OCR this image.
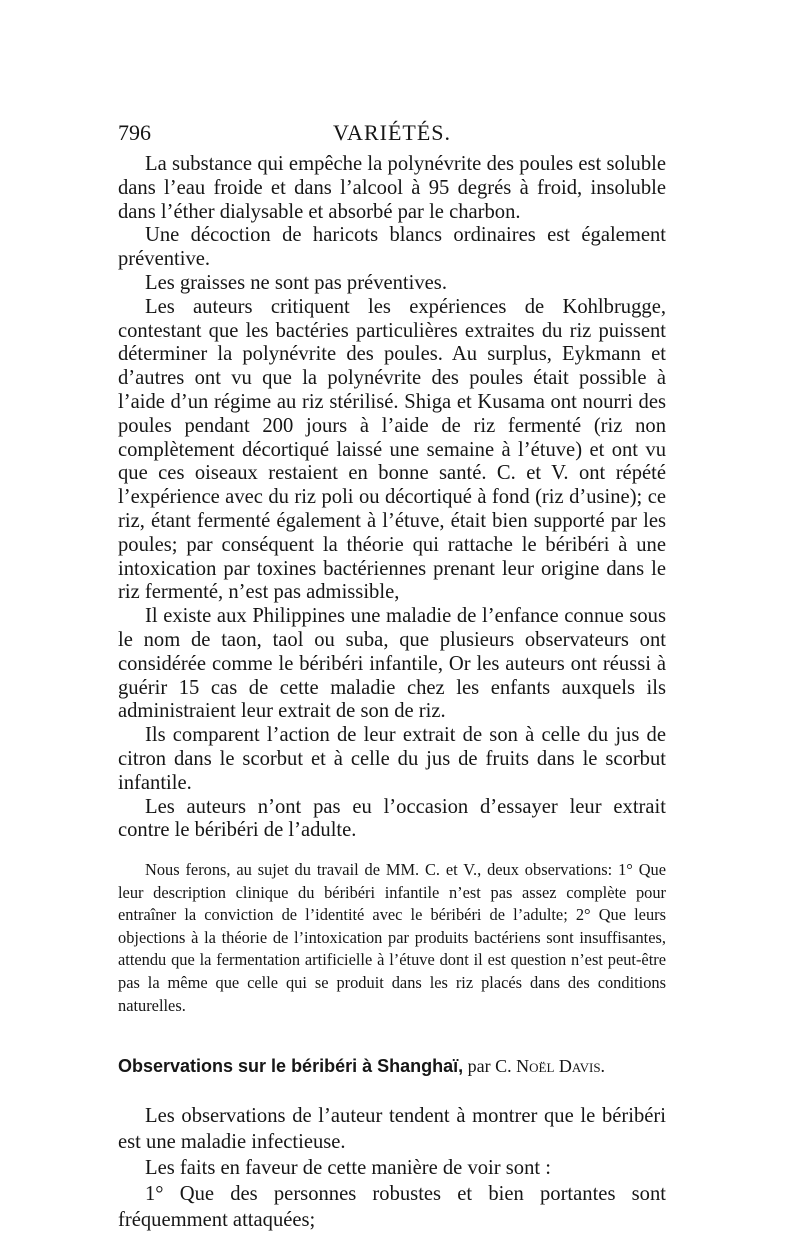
796	VARIÉTÉS.

La substance qui empêche la polynévrite des poules est soluble dans l’eau froide et dans l’alcool à 95 degrés à froid, insoluble dans l’éther dialysable et absorbé par le charbon.

Une décoction de haricots blancs ordinaires est également préventive.

Les graisses ne sont pas préventives.

Les auteurs critiquent les expériences de Kohlbrugge, contestant que les bactéries particulières extraites du riz puissent déterminer la polynévrite des poules. Au surplus, Eykmann et d’autres ont vu que la polynévrite des poules était possible à l’aide d’un régime au riz stérilisé. Shiga et Kusama ont nourri des poules pendant 200 jours à l’aide de riz fermenté (riz non complètement décortiqué laissé une semaine à l’étuve) et ont vu que ces oiseaux restaient en bonne santé. C. et V. ont répété l’expérience avec du riz poli ou décortiqué à fond (riz d’usine); ce riz, étant fermenté également à l’étuve, était bien supporté par les poules; par conséquent la théorie qui rattache le béribéri à une intoxication par toxines bactériennes prenant leur origine dans le riz fermenté, n’est pas admissible,

Il existe aux Philippines une maladie de l’enfance connue sous le nom de taon, taol ou suba, que plusieurs observateurs ont considérée comme le béribéri infantile, Or les auteurs ont réussi à guérir 15 cas de cette maladie chez les enfants auxquels ils administraient leur extrait de son de riz.

Ils comparent l’action de leur extrait de son à celle du jus de citron dans le scorbut et à celle du jus de fruits dans le scorbut infantile.

Les auteurs n’ont pas eu l’occasion d’essayer leur extrait contre le béribéri de l’adulte.

Nous ferons, au sujet du travail de MM. C. et V., deux observations: 1° Que leur description clinique du béribéri infantile n’est pas assez complète pour entraîner la conviction de l’identité avec le béribéri de l’adulte; 2° Que leurs objections à la théorie de l’intoxication par produits bactériens sont insuffisantes, attendu que la fermentation artificielle à l’étuve dont il est question n’est peut-être pas la même que celle qui se produit dans les riz placés dans des conditions naturelles.

Observations sur le béribéri à Shanghaï, par C. Noël Davis.

Les observations de l’auteur tendent à montrer que le béribéri est une maladie infectieuse.

Les faits en faveur de cette manière de voir sont :

1° Que des personnes robustes et bien portantes sont fréquemment attaquées;
